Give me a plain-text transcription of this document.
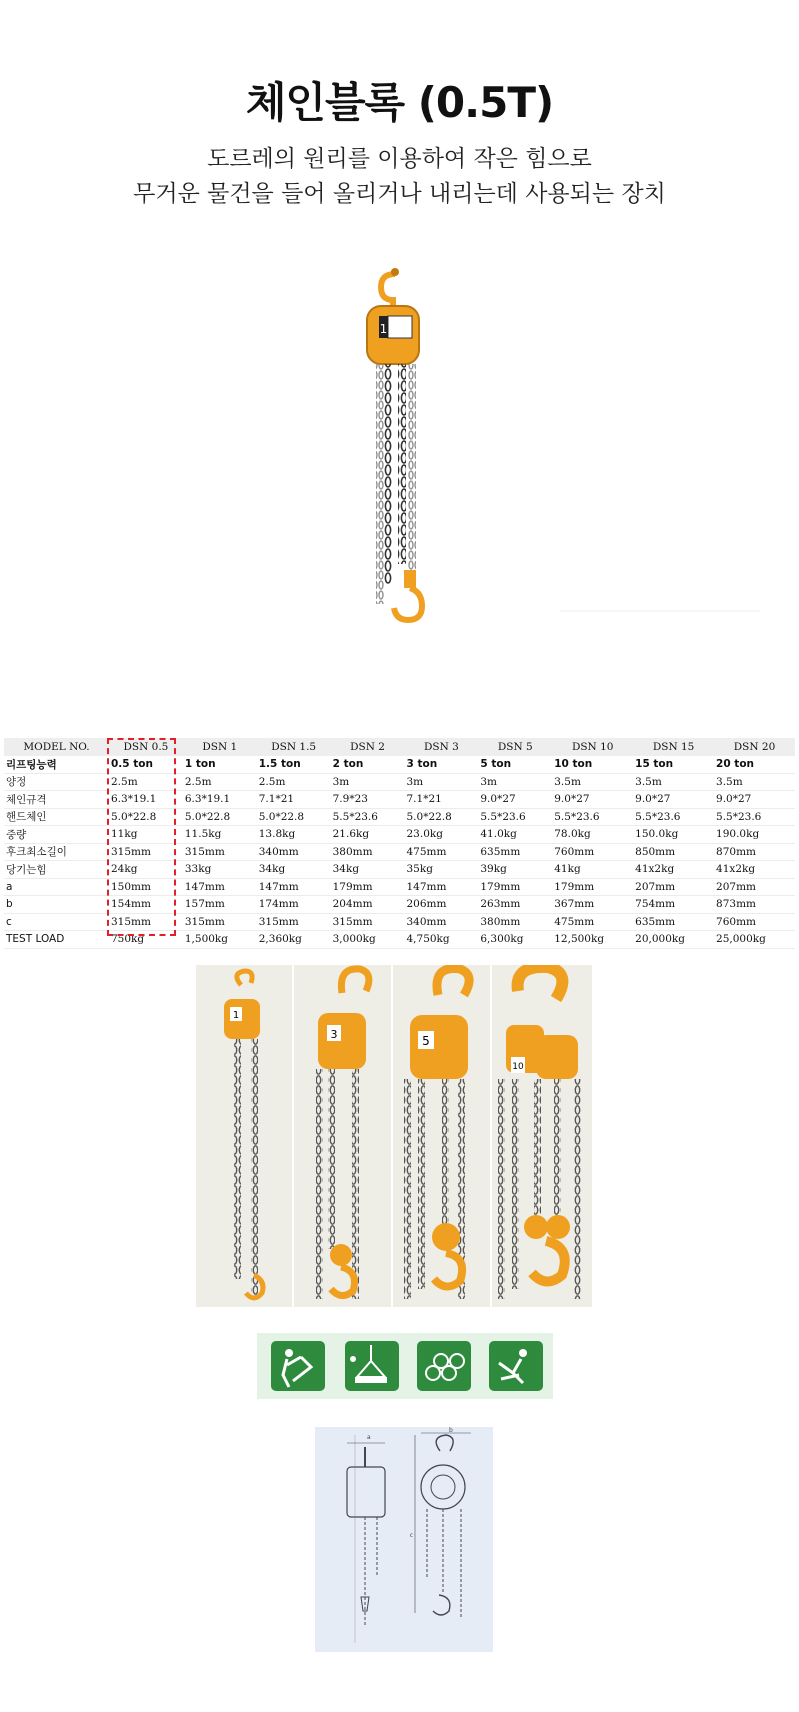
체인블록 (0.5T)
도르레의 원리를 이용하여 작은 힘으로
무거운 물건을 들어 올리거나 내리는데 사용되는 장치
1
MODEL NO.	DSN 0.5	DSN 1	DSN 1.5	DSN 2	DSN 3	DSN 5	DSN 10	DSN 15	DSN 20
리프팅능력	0.5 ton	1 ton	1.5 ton	2 ton	3 ton	5 ton	10 ton	15 ton	20 ton
양정	2.5m	2.5m	2.5m	3m	3m	3m	3.5m	3.5m	3.5m
체인규격	6.3*19.1	6.3*19.1	7.1*21	7.9*23	7.1*21	9.0*27	9.0*27	9.0*27	9.0*27
핸드체인	5.0*22.8	5.0*22.8	5.0*22.8	5.5*23.6	5.0*22.8	5.5*23.6	5.5*23.6	5.5*23.6	5.5*23.6
중량	11kg	11.5kg	13.8kg	21.6kg	23.0kg	41.0kg	78.0kg	150.0kg	190.0kg
후크최소길이	315mm	315mm	340mm	380mm	475mm	635mm	760mm	850mm	870mm
당기는힘	24kg	33kg	34kg	34kg	35kg	39kg	41kg	41x2kg	41x2kg
a	150mm	147mm	147mm	179mm	147mm	179mm	179mm	207mm	207mm
b	154mm	157mm	174mm	204mm	206mm	263mm	367mm	754mm	873mm
c	315mm	315mm	315mm	315mm	340mm	380mm	475mm	635mm	760mm
TEST LOAD	750kg	1,500kg	2,360kg	3,000kg	4,750kg	6,300kg	12,500kg	20,000kg	25,000kg
1
3	5
10
a
c
b
